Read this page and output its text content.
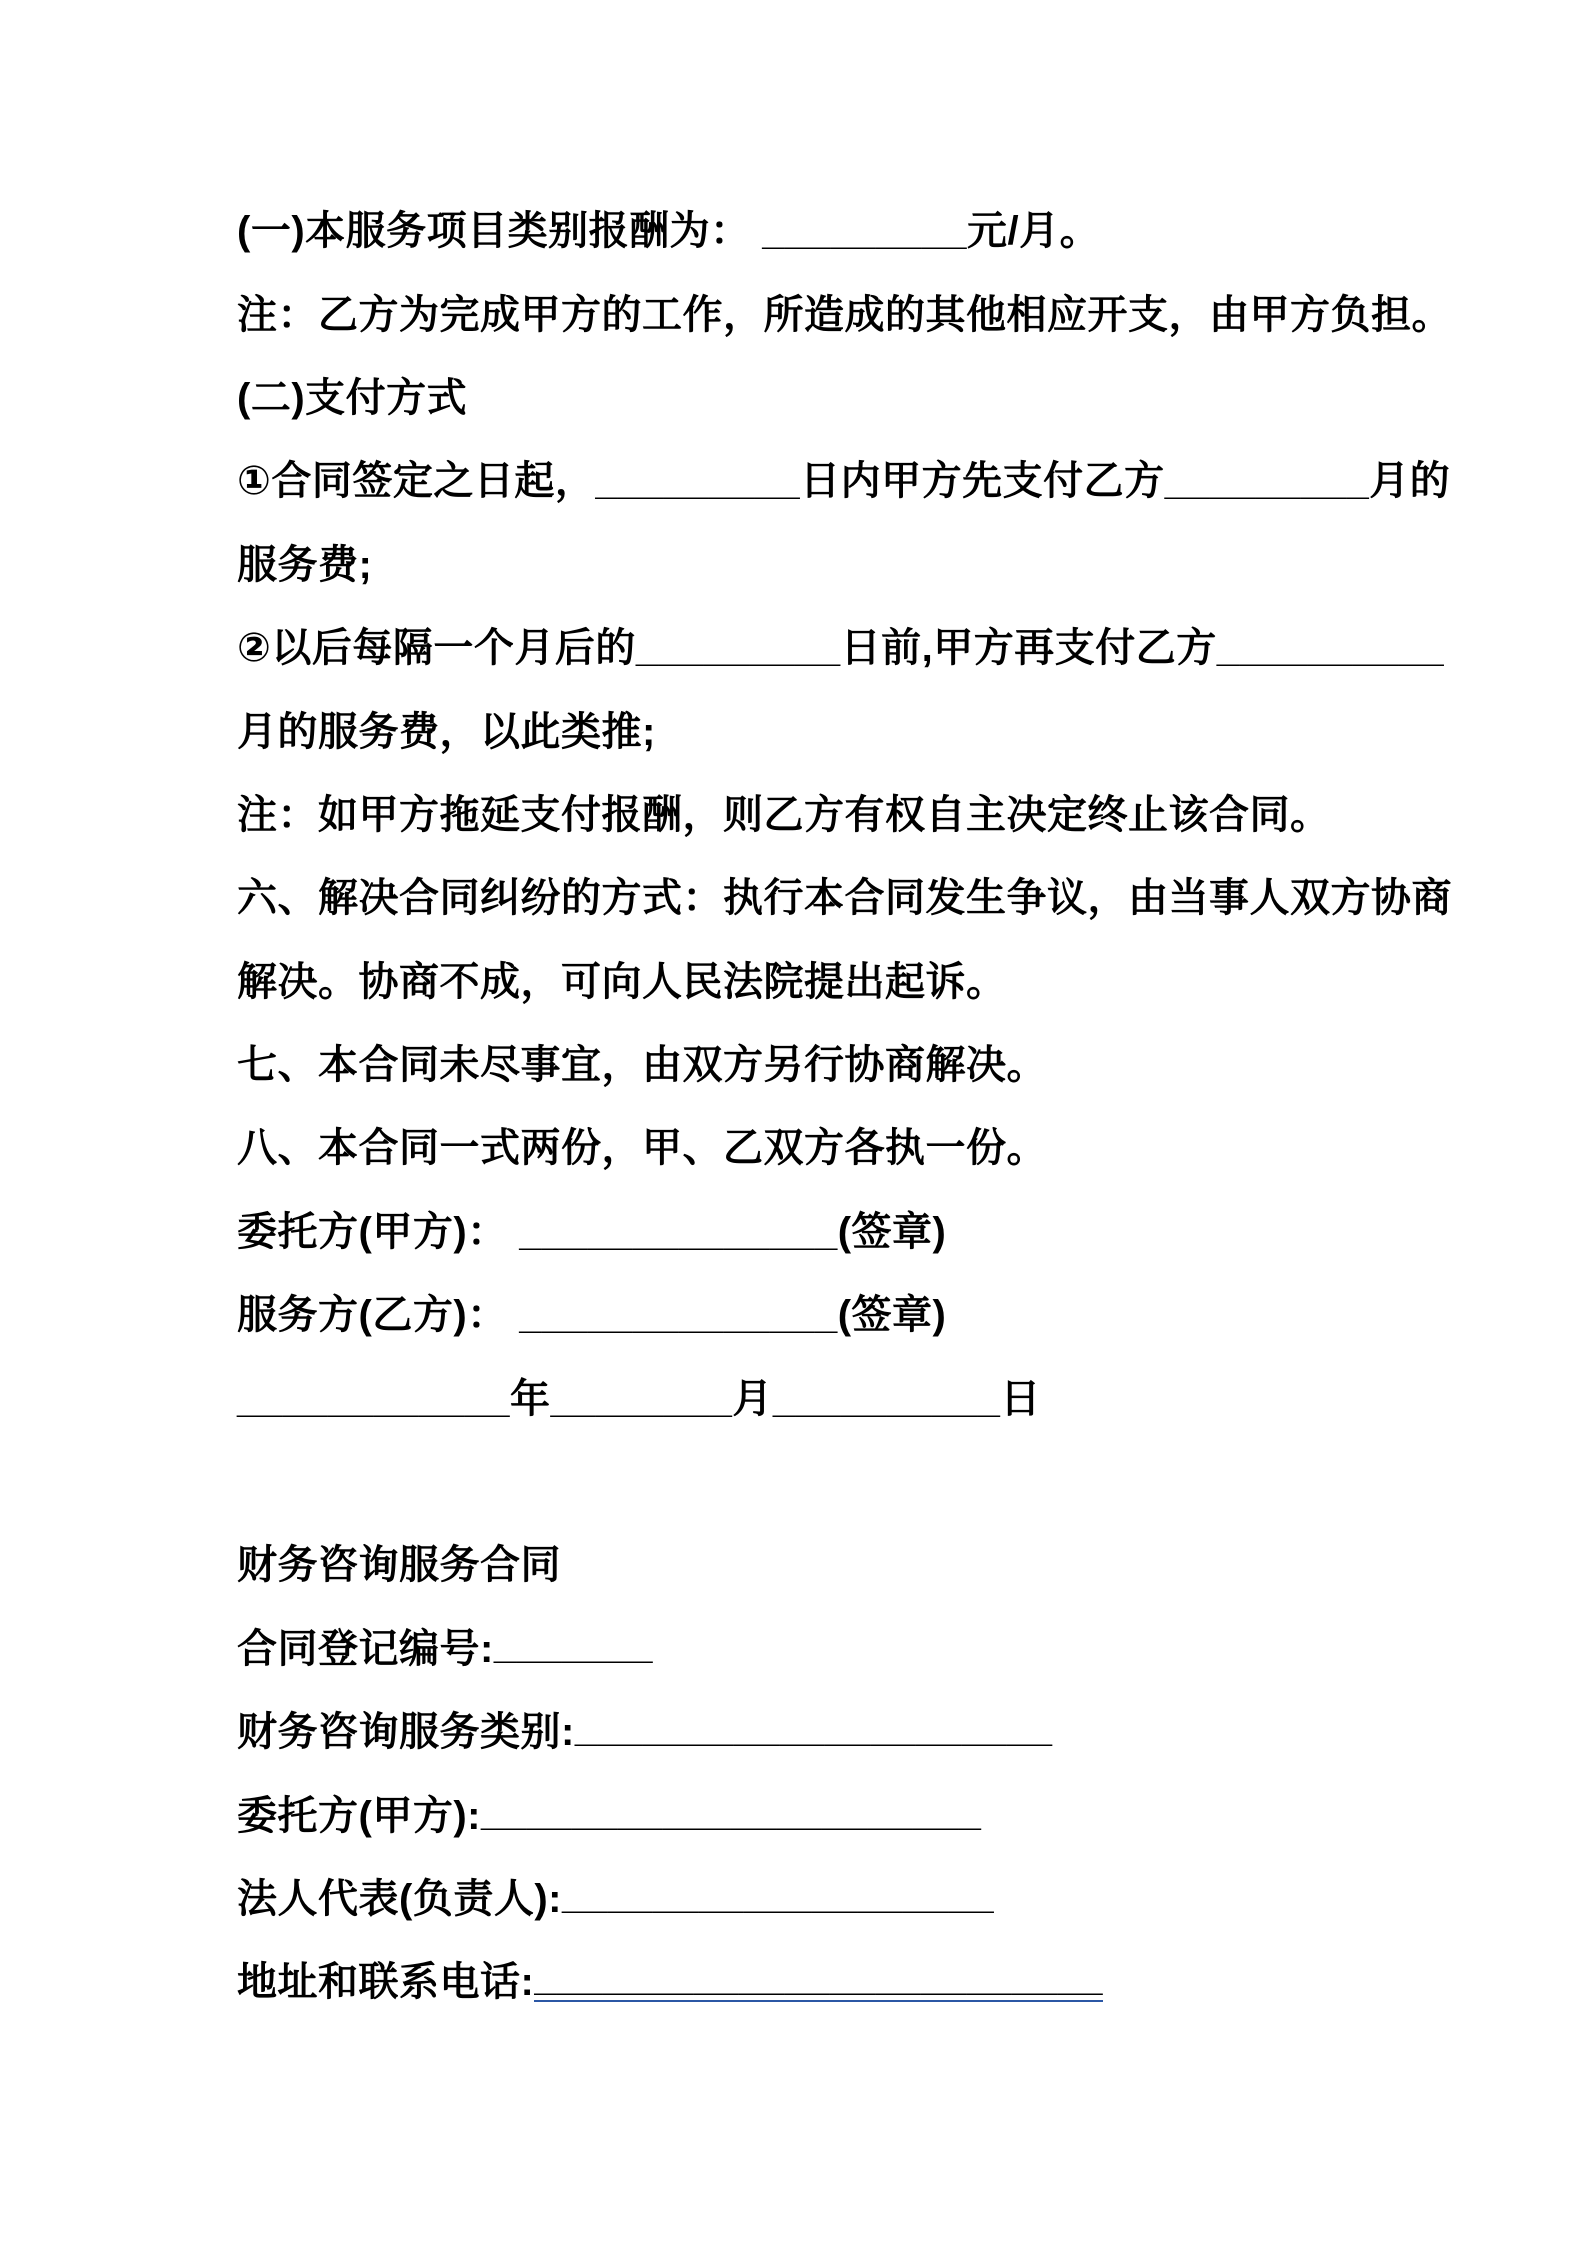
(一)本服务项目类别报酬为： _________元/月。
注：乙方为完成甲方的工作，所造成的其他相应开支，由甲方负担。
(二)支付方式
①合同签定之日起，_________日内甲方先支付乙方_________月的
服务费;
②以后每隔一个月后的_________日前,甲方再支付乙方__________
月的服务费，以此类推;
注：如甲方拖延支付报酬，则乙方有权自主决定终止该合同。
六、解决合同纠纷的方式：执行本合同发生争议，由当事人双方协商
解决。协商不成，可向人民法院提出起诉。
七、本合同未尽事宜，由双方另行协商解决。
八、本合同一式两份，甲、乙双方各执一份。
委托方(甲方)： ______________(签章)
服务方(乙方)： ______________(签章)
____________年________月__________日
财务咨询服务合同
合同登记编号: _______
财务咨询服务类别: _____________________
委托方(甲方): ______________________
法人代表(负责人): ___________________
地址和联系电话: _________________________
